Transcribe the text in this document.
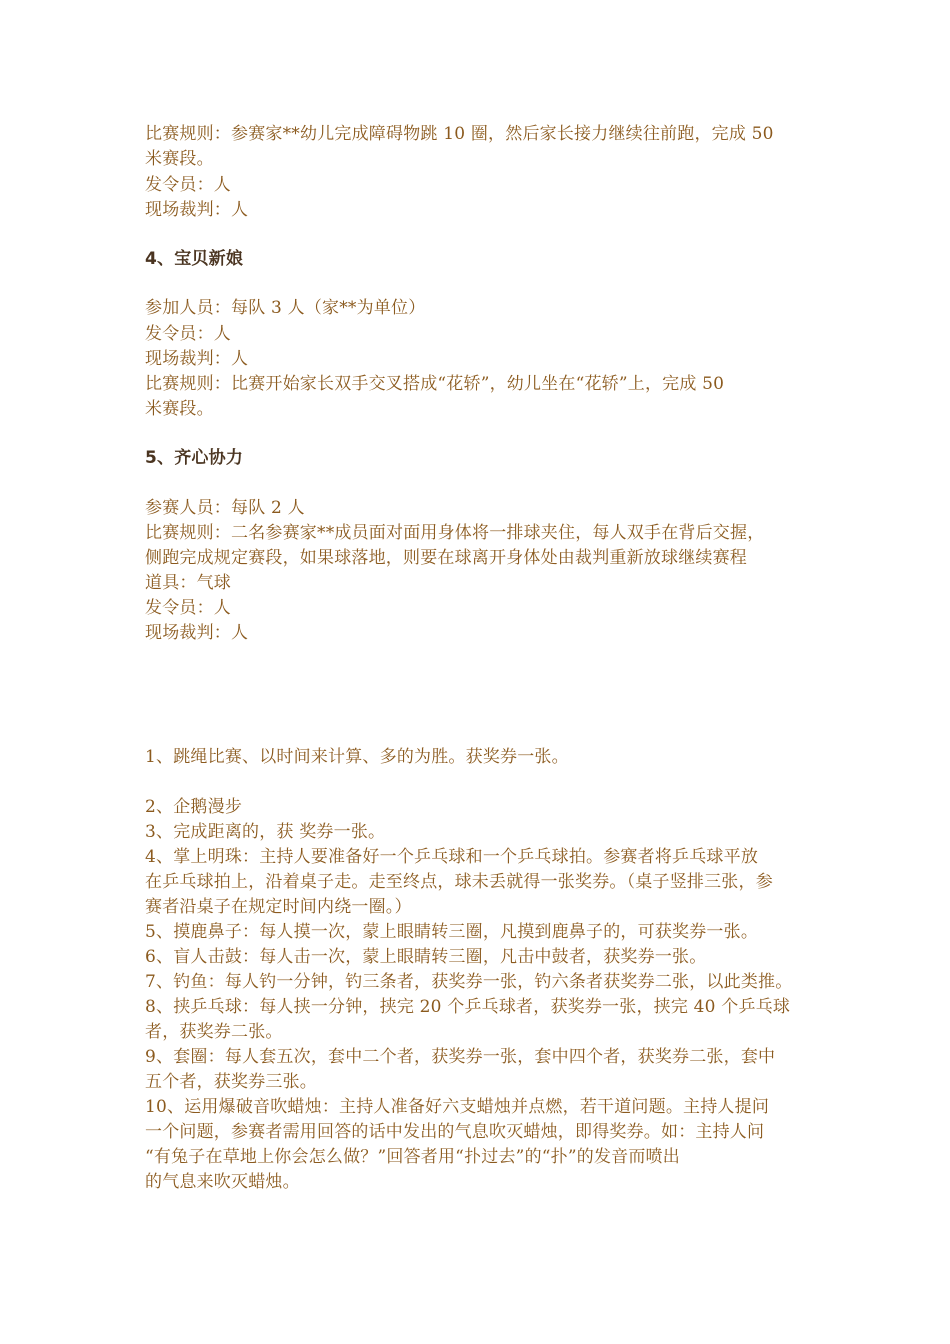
比赛规则：参赛家**幼儿完成障碍物跳 10 圈，然后家长接力继续往前跑，完成 50
米赛段。
发令员：人
现场裁判：人
4、宝贝新娘
参加人员：每队 3 人（家**为单位）
发令员：人
现场裁判：人
比赛规则：比赛开始家长双手交叉搭成“花轿”，幼儿坐在“花轿”上，完成 50
米赛段。
5、齐心协力
参赛人员：每队 2 人
比赛规则：二名参赛家**成员面对面用身体将一排球夹住，每人双手在背后交握，
侧跑完成规定赛段，如果球落地，则要在球离开身体处由裁判重新放球继续赛程
道具：气球
发令员：人
现场裁判：人
1、跳绳比赛、以时间来计算、多的为胜。获奖券一张。
2、企鹅漫步
3、完成距离的，获 奖券一张。
4、掌上明珠：主持人要准备好一个乒乓球和一个乒乓球拍。参赛者将乒乓球平放
在乒乓球拍上，沿着桌子走。走至终点，球未丢就得一张奖券。（桌子竖排三张，参
赛者沿桌子在规定时间内绕一圈。）
5、摸鹿鼻子：每人摸一次，蒙上眼睛转三圈，凡摸到鹿鼻子的，可获奖券一张。
6、盲人击鼓：每人击一次，蒙上眼睛转三圈，凡击中鼓者，获奖券一张。
7、钓鱼：每人钓一分钟，钓三条者，获奖券一张，钓六条者获奖券二张，以此类推。
8、挟乒乓球：每人挟一分钟，挟完 20 个乒乓球者，获奖券一张，挟完 40 个乒乓球
者，获奖券二张。
9、套圈：每人套五次，套中二个者，获奖券一张，套中四个者，获奖券二张，套中
五个者，获奖券三张。
10、运用爆破音吹蜡烛：主持人准备好六支蜡烛并点燃，若干道问题。主持人提问
一个问题，参赛者需用回答的话中发出的气息吹灭蜡烛，即得奖券。如：主持人问
“有兔子在草地上你会怎么做？”回答者用“扑过去”的“扑”的发音而喷出
的气息来吹灭蜡烛。
